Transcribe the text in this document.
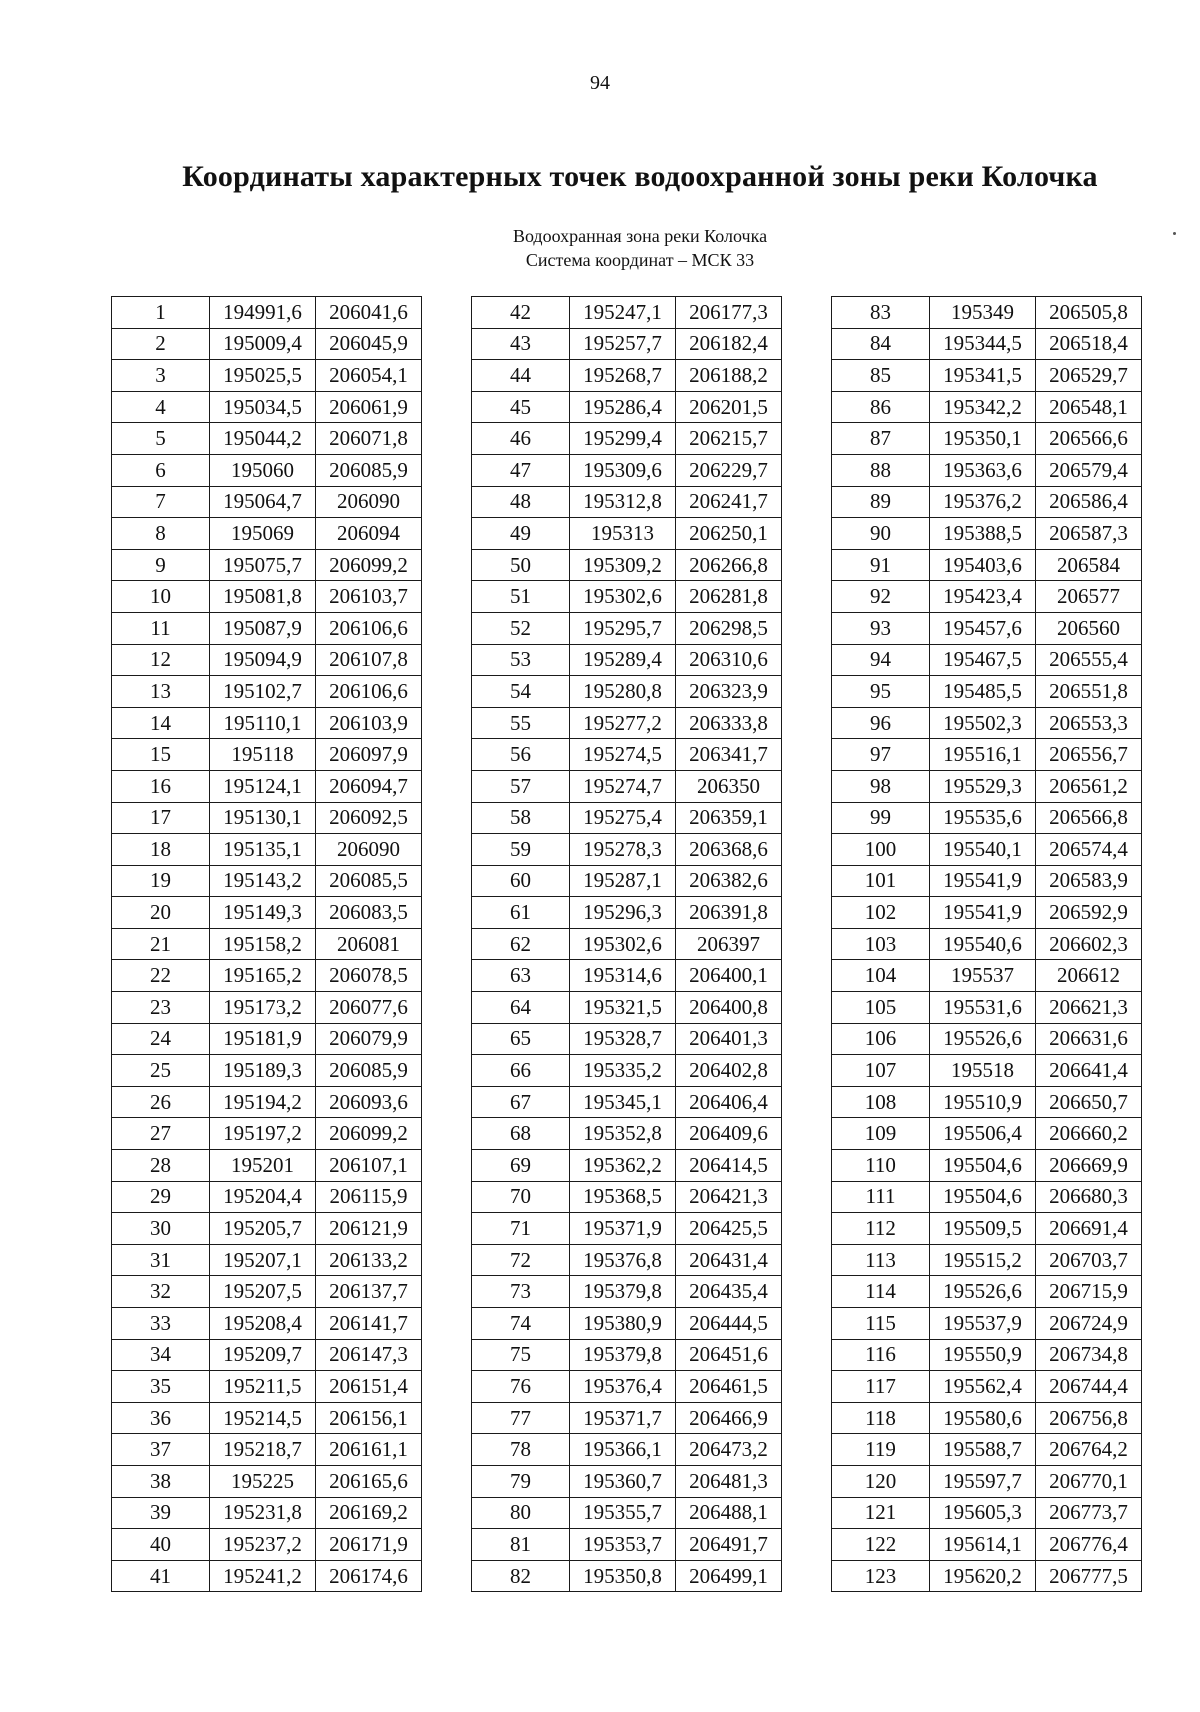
94
Координаты характерных точек водоохранной зоны реки Колочка
Водоохранная зона реки Колочка
Система координат – МСК 33
1	194991,6	206041,6
2	195009,4	206045,9
3	195025,5	206054,1
4	195034,5	206061,9
5	195044,2	206071,8
6	195060	206085,9
7	195064,7	206090
8	195069	206094
9	195075,7	206099,2
10	195081,8	206103,7
11	195087,9	206106,6
12	195094,9	206107,8
13	195102,7	206106,6
14	195110,1	206103,9
15	195118	206097,9
16	195124,1	206094,7
17	195130,1	206092,5
18	195135,1	206090
19	195143,2	206085,5
20	195149,3	206083,5
21	195158,2	206081
22	195165,2	206078,5
23	195173,2	206077,6
24	195181,9	206079,9
25	195189,3	206085,9
26	195194,2	206093,6
27	195197,2	206099,2
28	195201	206107,1
29	195204,4	206115,9
30	195205,7	206121,9
31	195207,1	206133,2
32	195207,5	206137,7
33	195208,4	206141,7
34	195209,7	206147,3
35	195211,5	206151,4
36	195214,5	206156,1
37	195218,7	206161,1
38	195225	206165,6
39	195231,8	206169,2
40	195237,2	206171,9
41	195241,2	206174,6
42	195247,1	206177,3
43	195257,7	206182,4
44	195268,7	206188,2
45	195286,4	206201,5
46	195299,4	206215,7
47	195309,6	206229,7
48	195312,8	206241,7
49	195313	206250,1
50	195309,2	206266,8
51	195302,6	206281,8
52	195295,7	206298,5
53	195289,4	206310,6
54	195280,8	206323,9
55	195277,2	206333,8
56	195274,5	206341,7
57	195274,7	206350
58	195275,4	206359,1
59	195278,3	206368,6
60	195287,1	206382,6
61	195296,3	206391,8
62	195302,6	206397
63	195314,6	206400,1
64	195321,5	206400,8
65	195328,7	206401,3
66	195335,2	206402,8
67	195345,1	206406,4
68	195352,8	206409,6
69	195362,2	206414,5
70	195368,5	206421,3
71	195371,9	206425,5
72	195376,8	206431,4
73	195379,8	206435,4
74	195380,9	206444,5
75	195379,8	206451,6
76	195376,4	206461,5
77	195371,7	206466,9
78	195366,1	206473,2
79	195360,7	206481,3
80	195355,7	206488,1
81	195353,7	206491,7
82	195350,8	206499,1
83	195349	206505,8
84	195344,5	206518,4
85	195341,5	206529,7
86	195342,2	206548,1
87	195350,1	206566,6
88	195363,6	206579,4
89	195376,2	206586,4
90	195388,5	206587,3
91	195403,6	206584
92	195423,4	206577
93	195457,6	206560
94	195467,5	206555,4
95	195485,5	206551,8
96	195502,3	206553,3
97	195516,1	206556,7
98	195529,3	206561,2
99	195535,6	206566,8
100	195540,1	206574,4
101	195541,9	206583,9
102	195541,9	206592,9
103	195540,6	206602,3
104	195537	206612
105	195531,6	206621,3
106	195526,6	206631,6
107	195518	206641,4
108	195510,9	206650,7
109	195506,4	206660,2
110	195504,6	206669,9
111	195504,6	206680,3
112	195509,5	206691,4
113	195515,2	206703,7
114	195526,6	206715,9
115	195537,9	206724,9
116	195550,9	206734,8
117	195562,4	206744,4
118	195580,6	206756,8
119	195588,7	206764,2
120	195597,7	206770,1
121	195605,3	206773,7
122	195614,1	206776,4
123	195620,2	206777,5
